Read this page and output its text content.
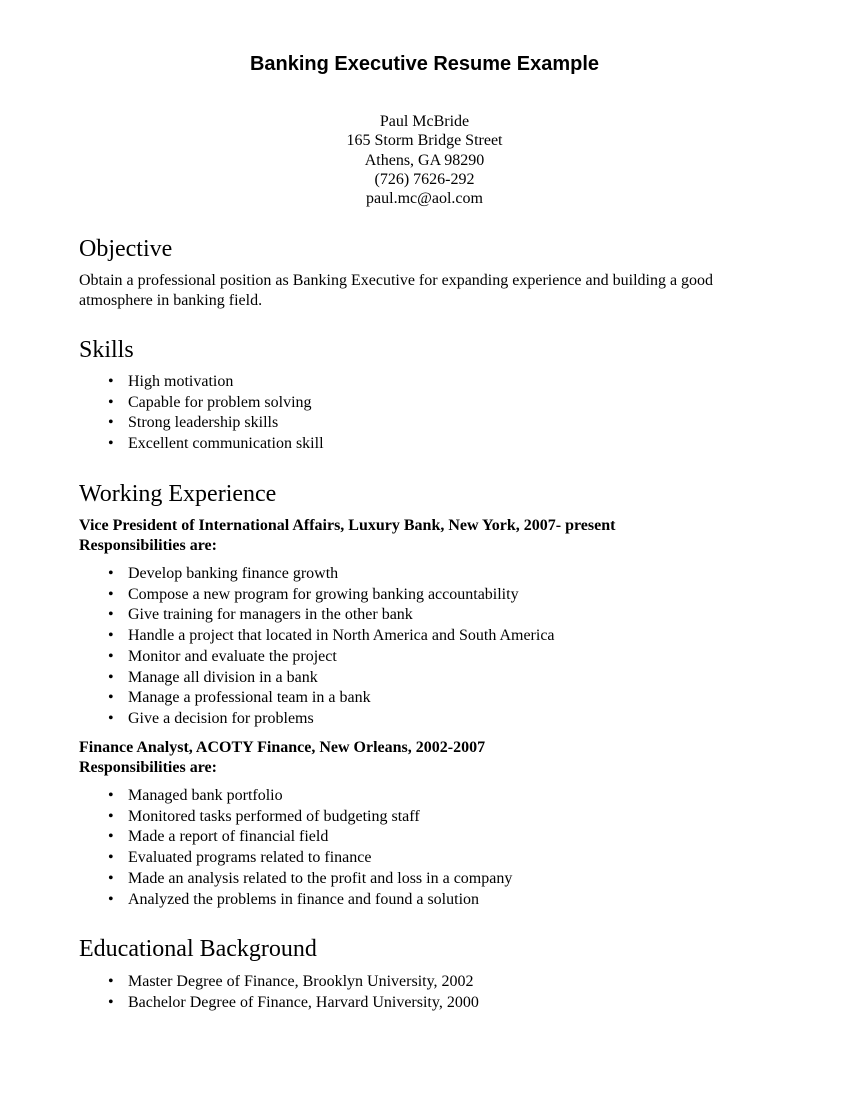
Banking Executive Resume Example
Paul McBride
165 Storm Bridge Street
Athens, GA 98290
(726) 7626-292
paul.mc@aol.com
Objective

Obtain a professional position as Banking Executive for expanding experience and building a good atmosphere in banking field.

Skills
• High motivation
• Capable for problem solving
• Strong leadership skills
• Excellent communication skill
Working Experience
Vice President of International Affairs, Luxury Bank, New York, 2007- present
Responsibilities are:
• Develop banking finance growth
• Compose a new program for growing banking accountability
• Give training for managers in the other bank
• Handle a project that located in North America and South America
• Monitor and evaluate the project
• Manage all division in a bank
• Manage a professional team in a bank
• Give a decision for problems
Finance Analyst, ACOTY Finance, New Orleans, 2002-2007
Responsibilities are:
• Managed bank portfolio
• Monitored tasks performed of budgeting staff
• Made a report of financial field
• Evaluated programs related to finance
• Made an analysis related to the profit and loss in a company
• Analyzed the problems in finance and found a solution
Educational Background
• Master Degree of Finance, Brooklyn University, 2002
• Bachelor Degree of Finance, Harvard University, 2000
